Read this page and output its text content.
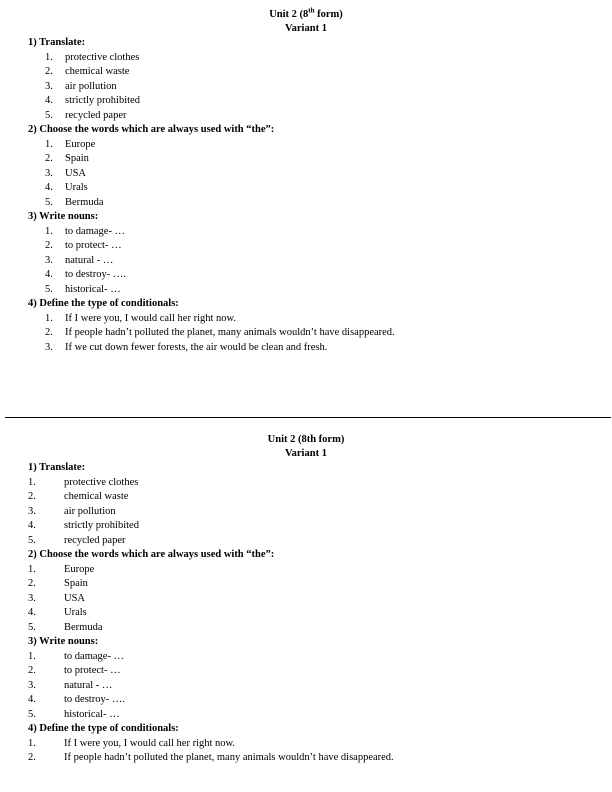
Unit 2 (8th form)
Variant 1
1) Translate:
1.	protective clothes
2.	chemical waste
3.	air pollution
4.	strictly prohibited
5.	recycled paper
2) Choose the words which are always used with “the”:
1.	Europe
2.	Spain
3.	USA
4.	Urals
5.	Bermuda
3) Write nouns:
1.	to damage- …
2.	to protect- …
3.	natural - …
4.	to destroy- ….
5.	historical- …
4) Define the type of conditionals:
1.	If I were you, I would call her right now.
2.	If people hadn’t polluted the planet, many animals wouldn’t have disappeared.
3.	If we cut down fewer forests, the air would be clean and fresh.
Unit 2 (8th form)
Variant 1
1) Translate:
1.	protective clothes
2.	chemical waste
3.	air pollution
4.	strictly prohibited
5.	recycled paper
2) Choose the words which are always used with “the”:
1.	Europe
2.	Spain
3.	USA
4.	Urals
5.	Bermuda
3) Write nouns:
1.	to damage- …
2.	to protect- …
3.	natural - …
4.	to destroy- ….
5.	historical- …
4) Define the type of conditionals:
1.	If I were you, I would call her right now.
2.	If people hadn’t polluted the planet, many animals wouldn’t have disappeared.
